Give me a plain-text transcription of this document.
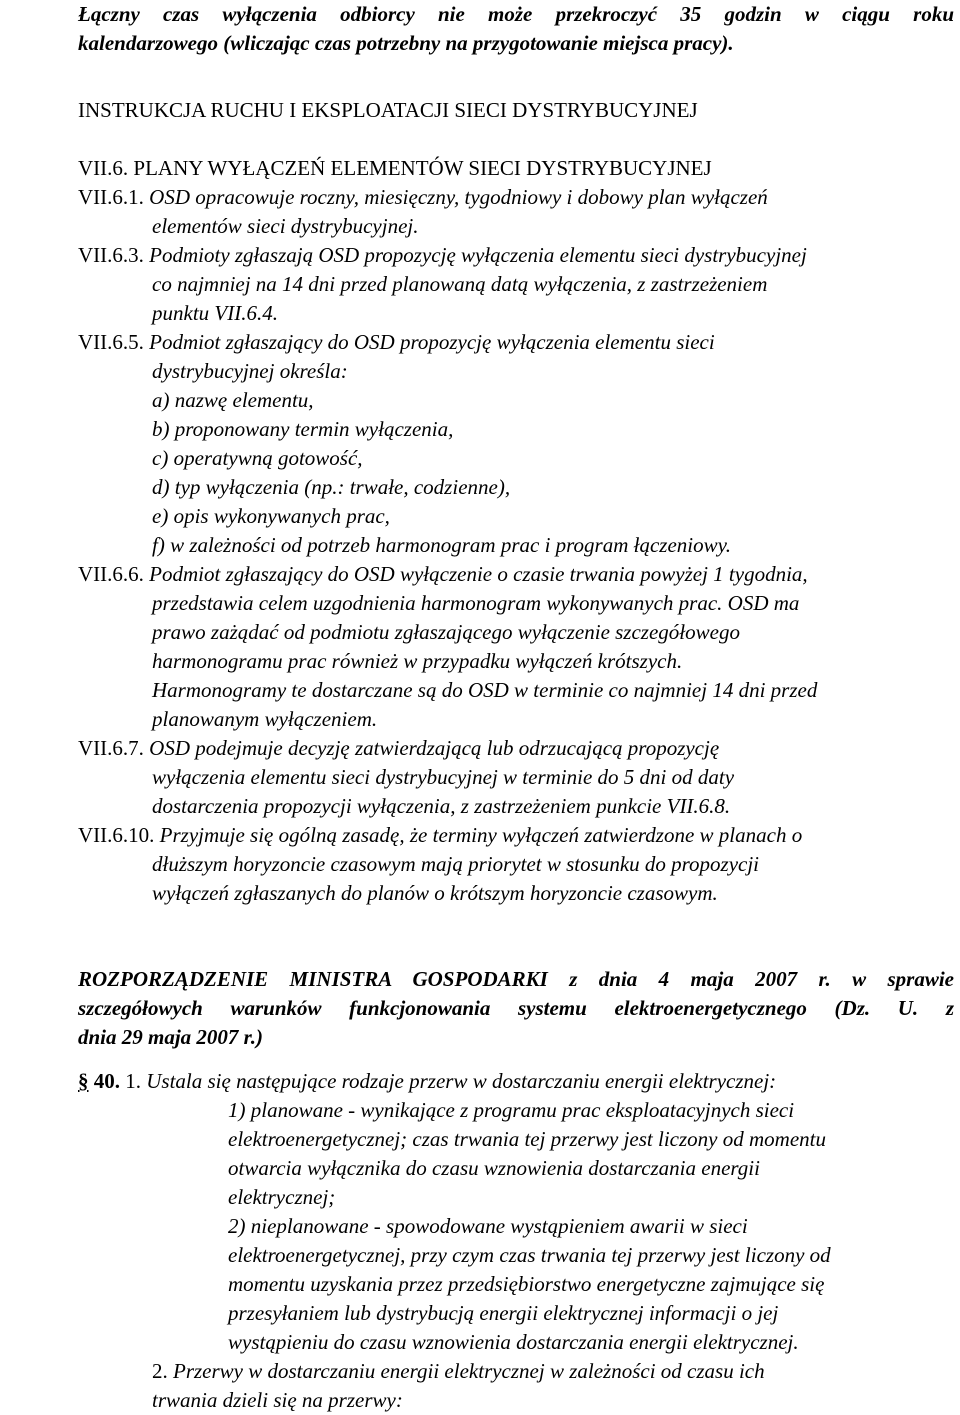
Łączny czas wyłączenia odbiorcy nie może przekroczyć 35 godzin w ciągu roku
kalendarzowego (wliczając czas potrzebny na przygotowanie miejsca pracy).
INSTRUKCJA RUCHU I EKSPLOATACJI SIECI DYSTRYBUCYJNEJ
VII.6. PLANY WYŁĄCZEŃ ELEMENTÓW SIECI DYSTRYBUCYJNEJ
VII.6.1. OSD opracowuje roczny, miesięczny, tygodniowy i dobowy plan wyłączeń
elementów sieci dystrybucyjnej.
VII.6.3. Podmioty zgłaszają OSD propozycję wyłączenia elementu sieci dystrybucyjnej
co najmniej na 14 dni przed planowaną datą wyłączenia, z zastrzeżeniem
punktu VII.6.4.
VII.6.5. Podmiot zgłaszający do OSD propozycję wyłączenia elementu sieci
dystrybucyjnej określa:
a) nazwę elementu,
b) proponowany termin wyłączenia,
c) operatywną gotowość,
d) typ wyłączenia (np.: trwałe, codzienne),
e) opis wykonywanych prac,
f) w zależności od potrzeb harmonogram prac i program łączeniowy.
VII.6.6. Podmiot zgłaszający do OSD wyłączenie o czasie trwania powyżej 1 tygodnia,
przedstawia celem uzgodnienia harmonogram wykonywanych prac. OSD ma
prawo zażądać od podmiotu zgłaszającego wyłączenie szczegółowego
harmonogramu prac również w przypadku wyłączeń krótszych.
Harmonogramy te dostarczane są do OSD w terminie co najmniej 14 dni przed
planowanym wyłączeniem.
VII.6.7. OSD podejmuje decyzję zatwierdzającą lub odrzucającą propozycję
wyłączenia elementu sieci dystrybucyjnej w terminie do 5 dni od daty
dostarczenia propozycji wyłączenia, z zastrzeżeniem punkcie VII.6.8.
VII.6.10. Przyjmuje się ogólną zasadę, że terminy wyłączeń zatwierdzone w planach o
dłuższym horyzoncie czasowym mają priorytet w stosunku do propozycji
wyłączeń zgłaszanych do planów o krótszym horyzoncie czasowym.
ROZPORZĄDZENIE MINISTRA GOSPODARKI z dnia 4 maja 2007 r. w sprawie
szczegółowych warunków funkcjonowania systemu elektroenergetycznego (Dz. U. z
dnia 29 maja 2007 r.)
§ 40. 1. Ustala się następujące rodzaje przerw w dostarczaniu energii elektrycznej:
1) planowane - wynikające z programu prac eksploatacyjnych sieci
elektroenergetycznej; czas trwania tej przerwy jest liczony od momentu
otwarcia wyłącznika do czasu wznowienia dostarczania energii
elektrycznej;
2) nieplanowane - spowodowane wystąpieniem awarii w sieci
elektroenergetycznej, przy czym czas trwania tej przerwy jest liczony od
momentu uzyskania przez przedsiębiorstwo energetyczne zajmujące się
przesyłaniem lub dystrybucją energii elektrycznej informacji o jej
wystąpieniu do czasu wznowienia dostarczania energii elektrycznej.
2. Przerwy w dostarczaniu energii elektrycznej w zależności od czasu ich
trwania dzieli się na przerwy:
